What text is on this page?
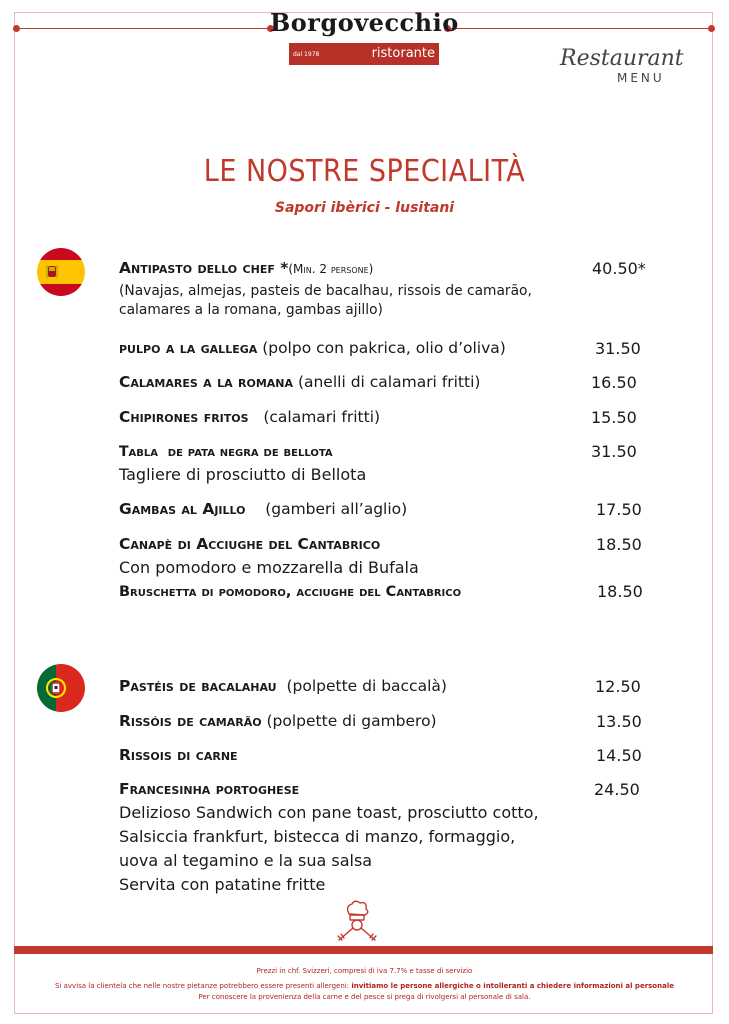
Borgovecchio
dal 1978	ristorante	Restaurant
MENU
LE NOSTRE SPECIALITÀ
Sapori ibèrici - lusitani
Antipasto dello chef *(Min. 2 persone)	40.50*
(Navajas, almejas, pasteis de bacalhau, rissois de camarão,
calamares a la romana, gambas ajillo)
pulpo a la gallega (polpo con pakrica, olio d’oliva)	31.50
Calamares a la romana (anelli di calamari fritti)	16.50
Chipirones fritos   (calamari fritti)	15.50
Tabla  de pata negra de bellota	31.50
Tagliere di prosciutto di Bellota
Gambas al Ajillo    (gamberi all’aglio)	17.50
Canapè di Acciughe del Cantabrico	18.50
Con pomodoro e mozzarella di Bufala
Bruschetta di pomodoro, acciughe del Cantabrico	18.50
Pastéis de bacalahau  (polpette di baccalà)	12.50
Rissóis de camarão (polpette di gambero)	13.50
Rissois di carne	14.50
Francesinha portoghese	24.50
Delizioso Sandwich con pane toast, prosciutto cotto,
Salsiccia frankfurt, bistecca di manzo, formaggio,
uova al tegamino e la sua salsa
Servita con patatine fritte
Prezzi in chf. Svizzeri, compresi di iva 7.7% e tasse di servizio
Si avvisa la clientela che nelle nostre pietanze potrebbero essere presenti allergeni: invitiamo le persone allergiche o intolleranti a chiedere informazioni al personale
Per conoscere la provenienza della carne e del pesce si prega di rivolgersi al personale di sala.
